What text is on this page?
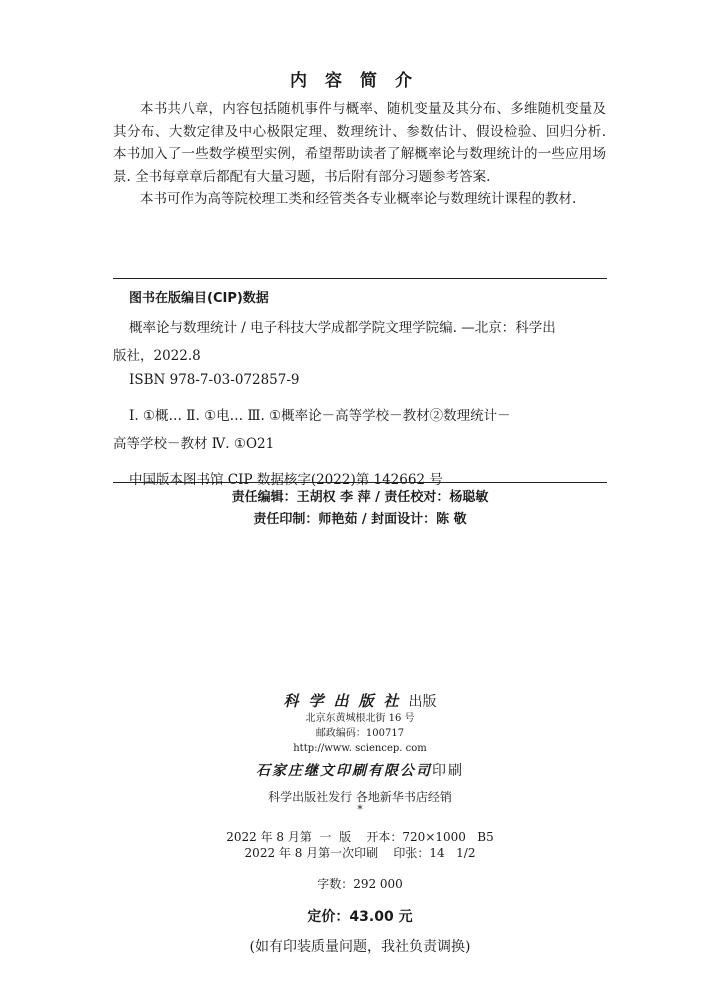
内容简介

本书共八章，内容包括随机事件与概率、随机变量及其分布、多维随机变量及其分布、大数定律及中心极限定理、数理统计、参数估计、假设检验、回归分析. 本书加入了一些数学模型实例，希望帮助读者了解概率论与数理统计的一些应用场景. 全书每章章后都配有大量习题，书后附有部分习题参考答案.

本书可作为高等院校理工类和经管类各专业概率论与数理统计课程的教材.

图书在版编目(CIP)数据
概率论与数理统计 / 电子科技大学成都学院文理学院编. —北京：科学出
版社，2022.8
ISBN 978-7-03-072857-9
Ⅰ. ①概… Ⅱ. ①电… Ⅲ. ①概率论－高等学校－教材②数理统计－
高等学校－教材 Ⅳ. ①O21
中国版本图书馆 CIP 数据核字(2022)第 142662 号
责任编辑：王胡权 李 萍 / 责任校对：杨聪敏
责任印制：师艳茹 / 封面设计：陈 敬
科学出版社出版
北京东黄城根北街 16 号
邮政编码：100717
http://www. sciencep. com
石家庄继文印刷有限公司印刷
科学出版社发行 各地新华书店经销
*
2022 年 8 月第  一  版    开本：720×1000   B5
2022 年 8 月第一次印刷    印张：14   1/2
字数：292 000
定价：43.00 元
(如有印装质量问题，我社负责调换)
